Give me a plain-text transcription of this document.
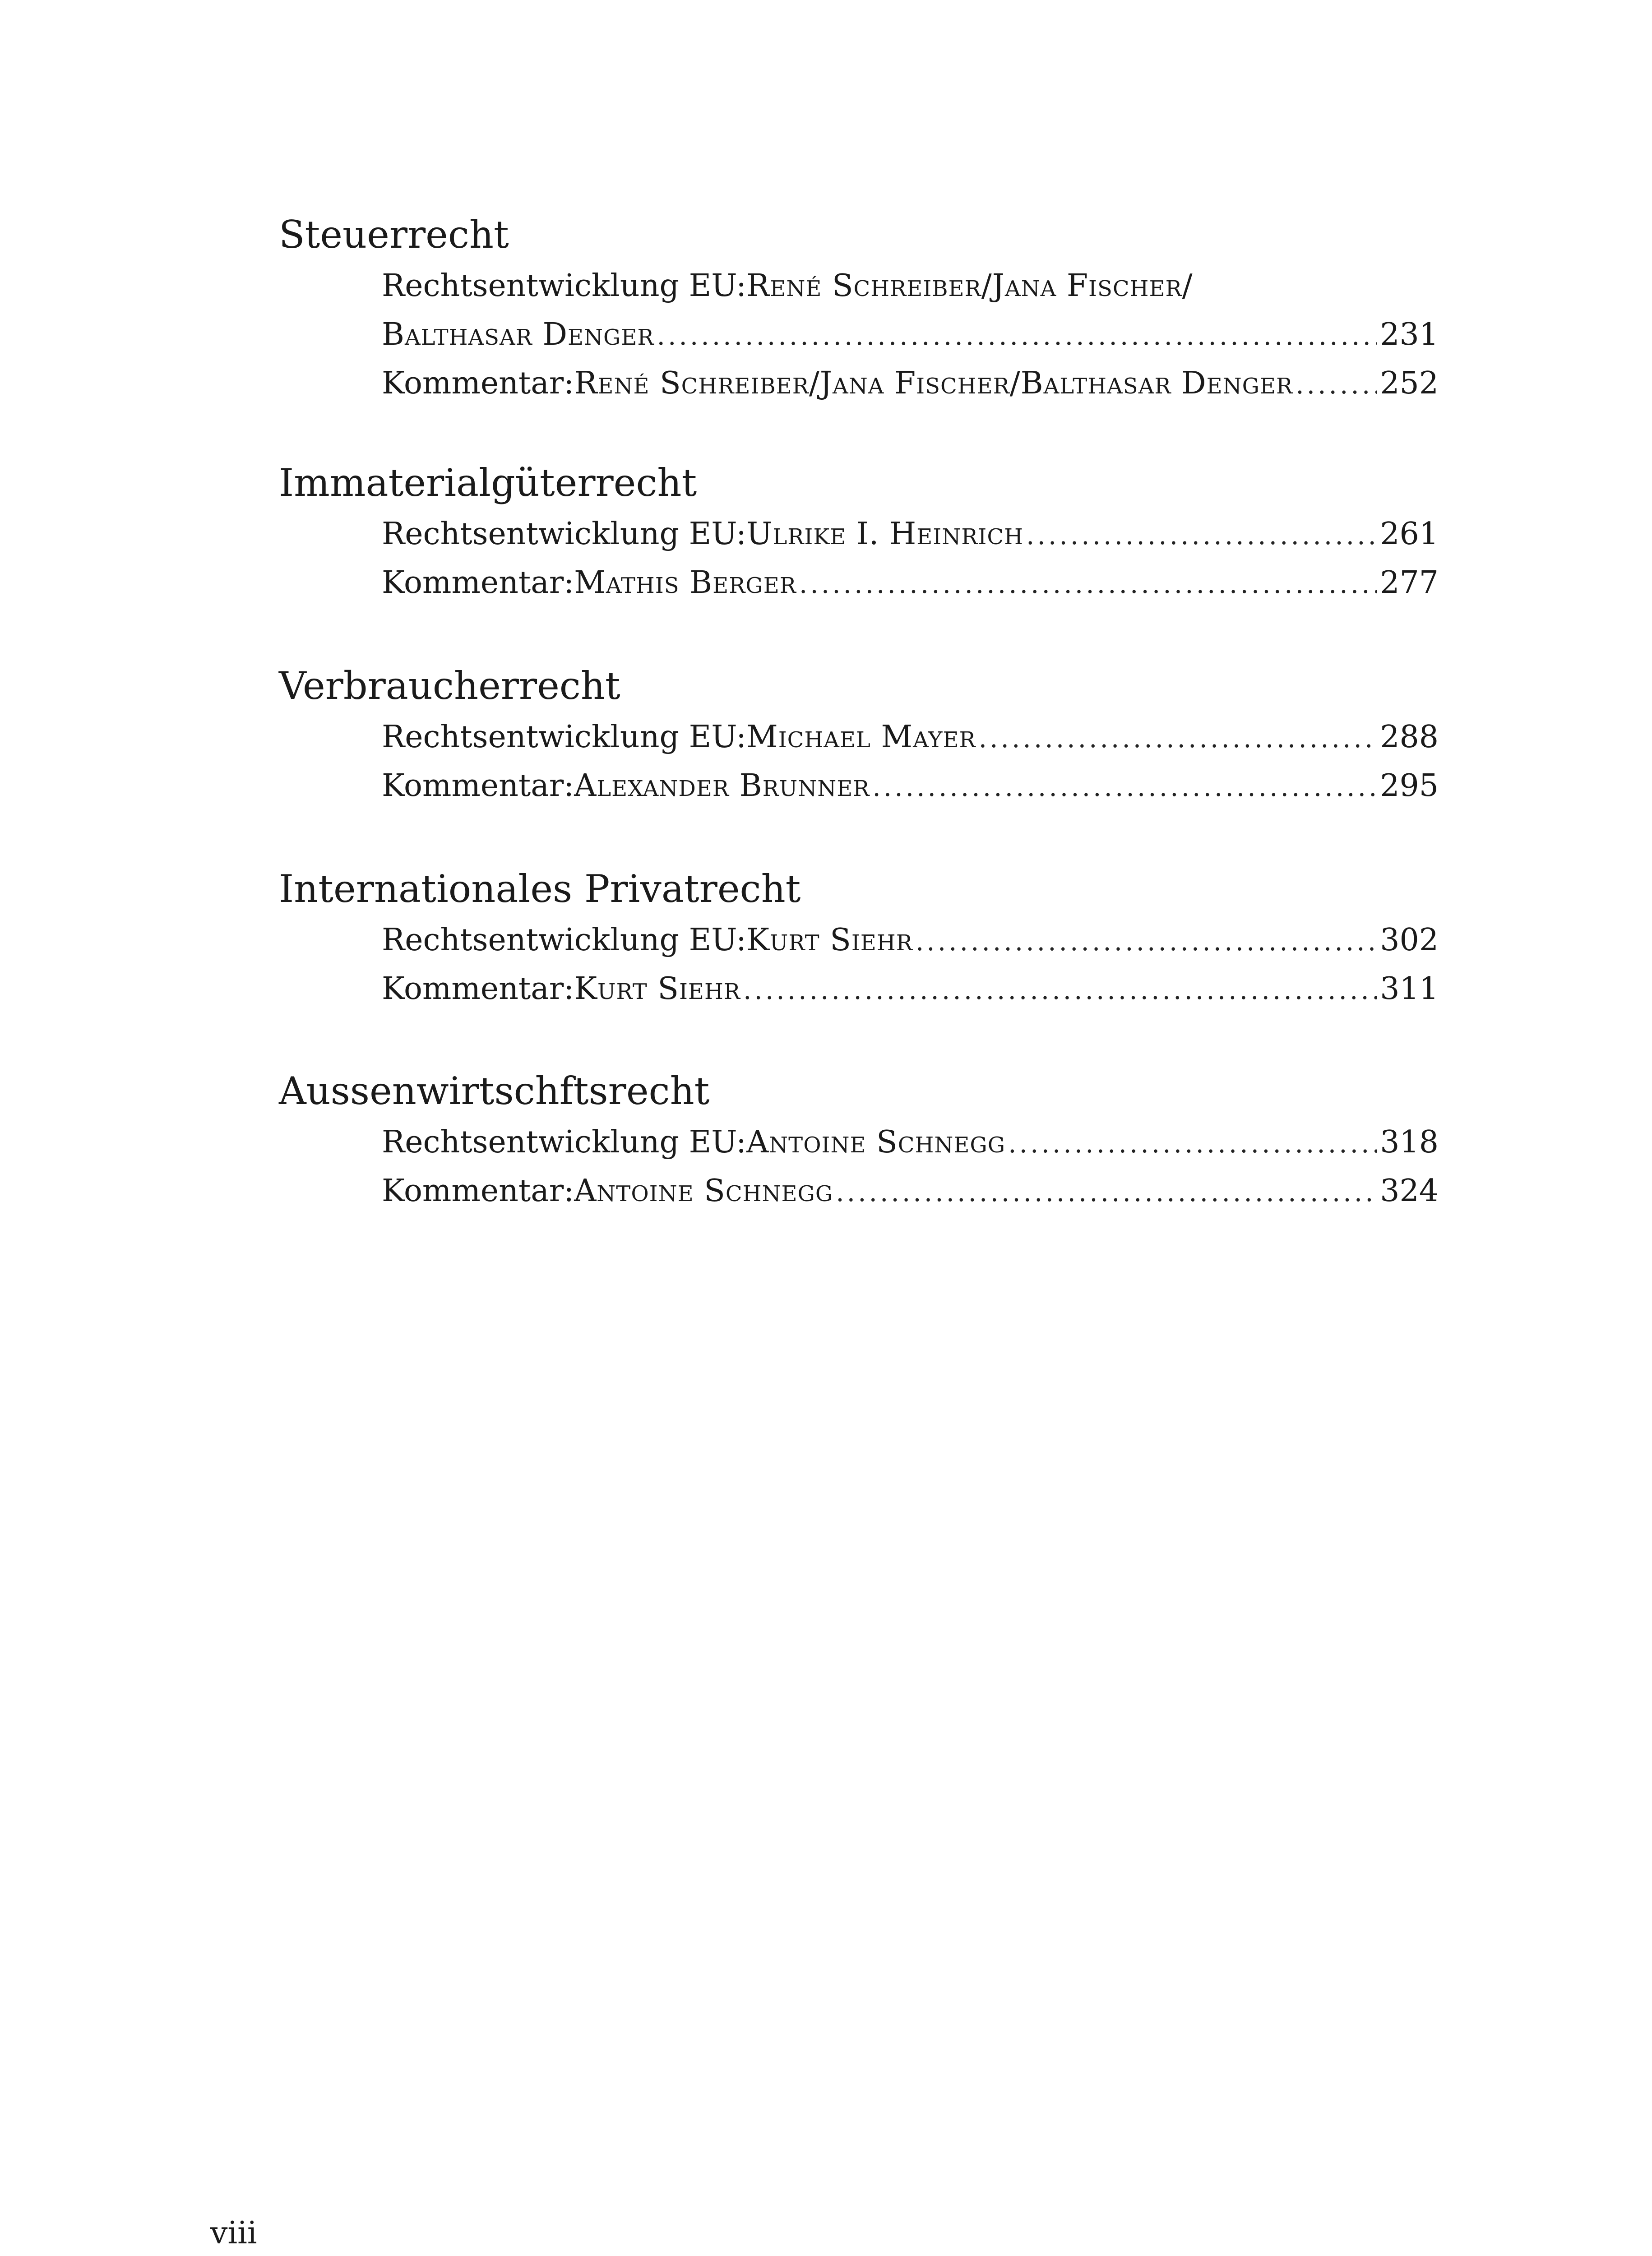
Steuerrecht
Rechtsentwicklung EU: René Schreiber/Jana Fischer/
Balthasar Denger .....	231
Kommentar: René Schreiber/Jana Fischer/Balthasar Denger .....	252
Immaterialgüterrecht
Rechtsentwicklung EU: Ulrike I. Heinrich .....	261
Kommentar: Mathis Berger .....	277
Verbraucherrecht
Rechtsentwicklung EU: Michael Mayer .....	288
Kommentar: Alexander Brunner .....	295
Internationales Privatrecht
Rechtsentwicklung EU: Kurt Siehr .....	302
Kommentar: Kurt Siehr .....	311
Aussenwirtschftsrecht
Rechtsentwicklung EU: Antoine Schnegg .....	318
Kommentar: Antoine Schnegg .....	324
viii
